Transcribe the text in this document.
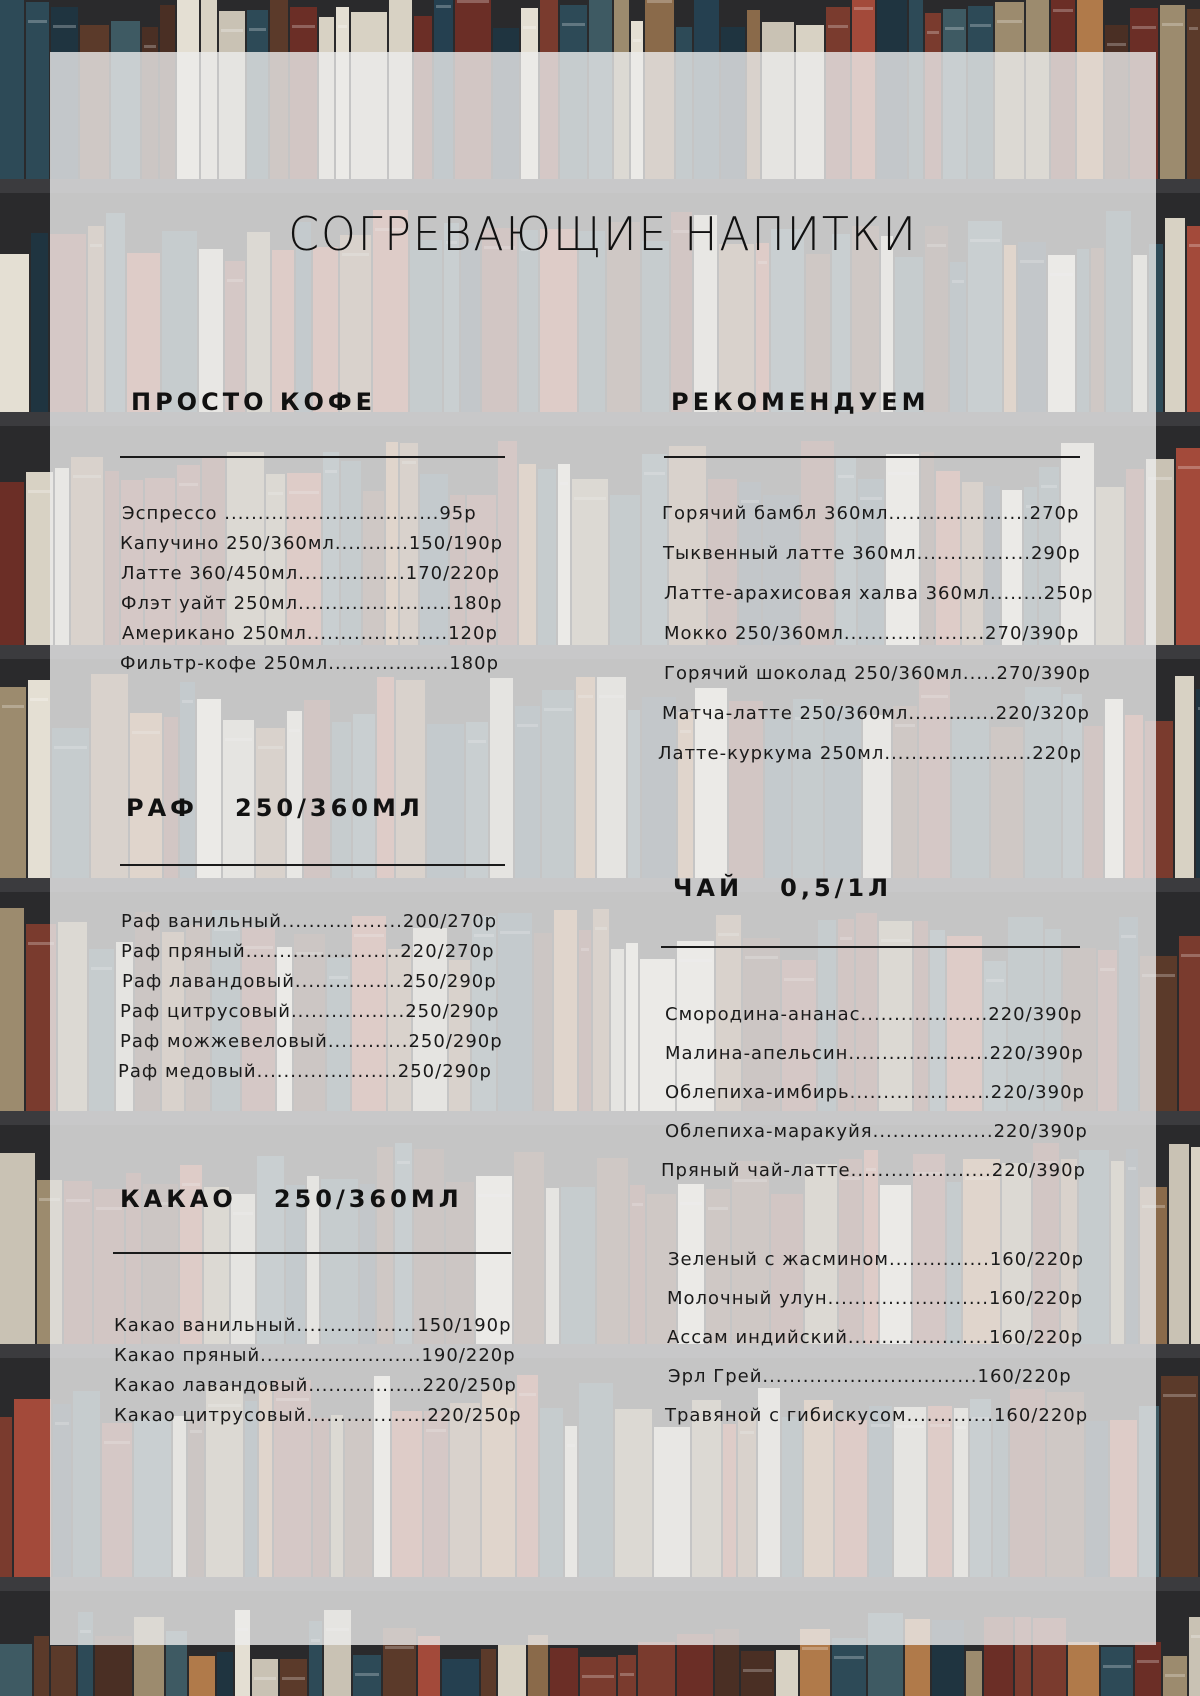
СОГРЕВАЮЩИЕ НАПИТКИ
ПРОСТО КОФЕ
Эспрессо ................................95р
Капучино 250/360мл...........150/190р
Латте 360/450мл................170/220р
Флэт уайт 250мл.......................180р
Американо 250мл.....................120р
Фильтр-кофе 250мл..................180р
РАФ   250/360МЛ
Раф ванильный..................200/270р
Раф пряный.......................220/270р
Раф лавандовый................250/290р
Раф цитрусовый.................250/290р
Раф можжевеловый............250/290р
Раф медовый.....................250/290р
КАКАО   250/360МЛ
Какао ванильный..................150/190р
Какао пряный........................190/220р
Какао лавандовый.................220/250р
Какао цитрусовый..................220/250р
РЕКОМЕНДУЕМ
Горячий бамбл 360мл.....................270р
Тыквенный латте 360мл.................290р
Латте-арахисовая халва 360мл........250р
Мокко 250/360мл.....................270/390р
Горячий шоколад 250/360мл.....270/390р
Матча-латте 250/360мл.............220/320р
Латте-куркума 250мл......................220р
ЧАЙ   0,5/1Л
Смородина-ананас...................220/390р
Малина-апельсин.....................220/390р
Облепиха-имбирь.....................220/390р
Облепиха-маракуйя..................220/390р
Пряный чай-латте.....................220/390р
Зеленый с жасмином...............160/220р
Молочный улун........................160/220р
Ассам индийский.....................160/220р
Эрл Грей................................160/220р
Травяной с гибискусом.............160/220р
